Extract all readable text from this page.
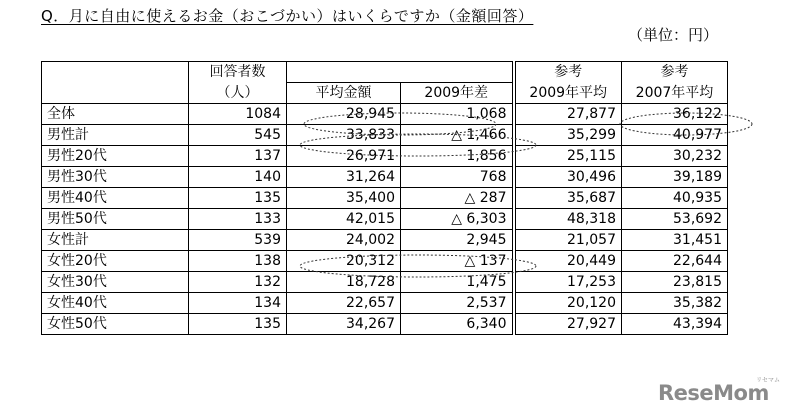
Q．月に自由に使えるお金（おこづかい）はいくらですか（金額回答）
（単位：円）
	回答者数			参考	参考
	（人）	平均金額	2009年差	2009年平均	2007年平均
全体	1084	28,945	1,068	27,877	36,122
男性計	545	33,833	△ 1,466	35,299	40,977
男性20代	137	26,971	1,856	25,115	30,232
男性30代	140	31,264	768	30,496	39,189
男性40代	135	35,400	△ 287	35,687	40,935
男性50代	133	42,015	△ 6,303	48,318	53,692
女性計	539	24,002	2,945	21,057	31,451
女性20代	138	20,312	△ 137	20,449	22,644
女性30代	132	18,728	1,475	17,253	23,815
女性40代	134	22,657	2,537	20,120	35,382
女性50代	135	34,267	6,340	27,927	43,394
ReseMom
リセマム
